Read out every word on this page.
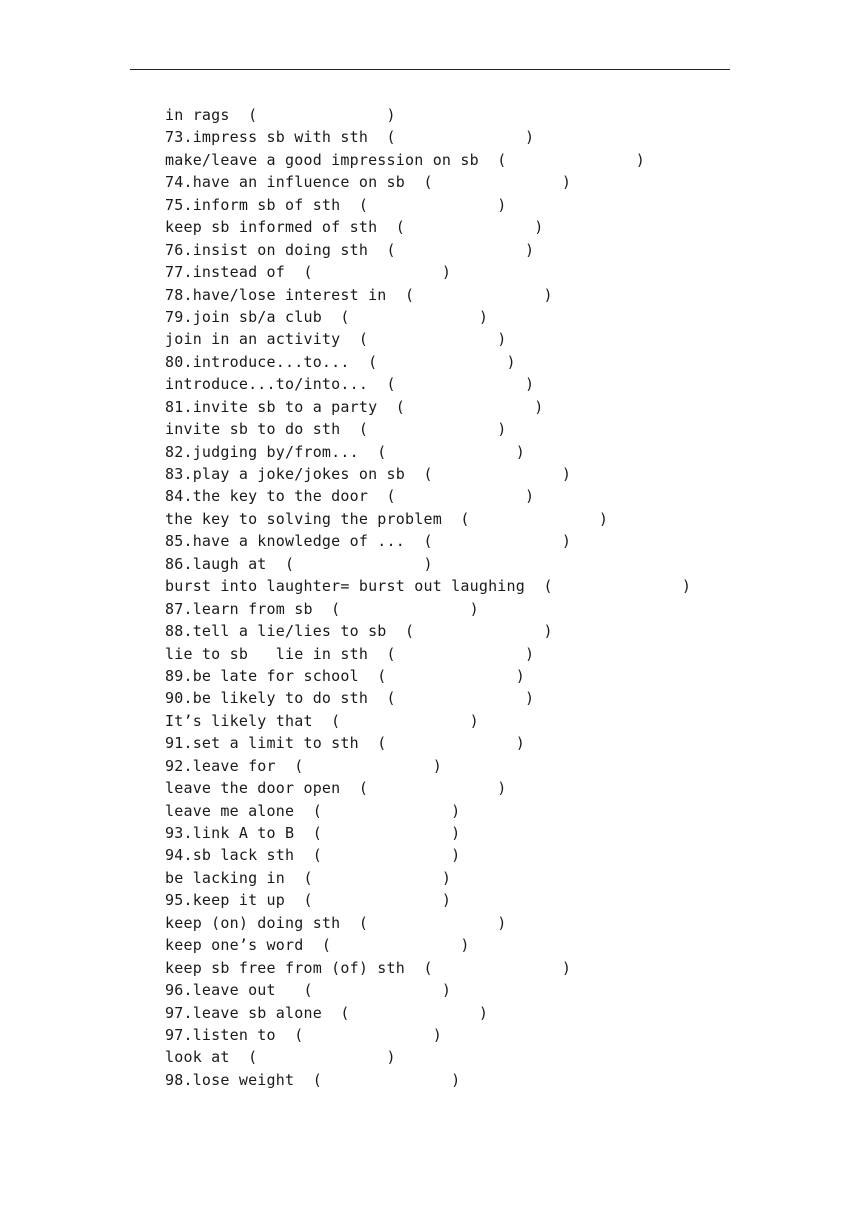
in rags  (              )
73.impress sb with sth  (              )
make/leave a good impression on sb  (              )
74.have an influence on sb  (              )
75.inform sb of sth  (              )
keep sb informed of sth  (              )
76.insist on doing sth  (              )
77.instead of  (              )
78.have/lose interest in  (              )
79.join sb/a club  (              )
join in an activity  (              )
80.introduce...to...  (              )
introduce...to/into...  (              )
81.invite sb to a party  (              )
invite sb to do sth  (              )
82.judging by/from...  (              )
83.play a joke/jokes on sb  (              )
84.the key to the door  (              )
the key to solving the problem  (              )
85.have a knowledge of ...  (              )
86.laugh at  (              )
burst into laughter= burst out laughing  (              )
87.learn from sb  (              )
88.tell a lie/lies to sb  (              )
lie to sb   lie in sth  (              )
89.be late for school  (              )
90.be likely to do sth  (              )
It’s likely that  (              )
91.set a limit to sth  (              )
92.leave for  (              )
leave the door open  (              )
leave me alone  (              )
93.link A to B  (              )
94.sb lack sth  (              )
be lacking in  (              )
95.keep it up  (              )
keep (on) doing sth  (              )
keep one’s word  (              )
keep sb free from (of) sth  (              )
96.leave out   (              )
97.leave sb alone  (              )
97.listen to  (              )
look at  (              )
98.lose weight  (              )
